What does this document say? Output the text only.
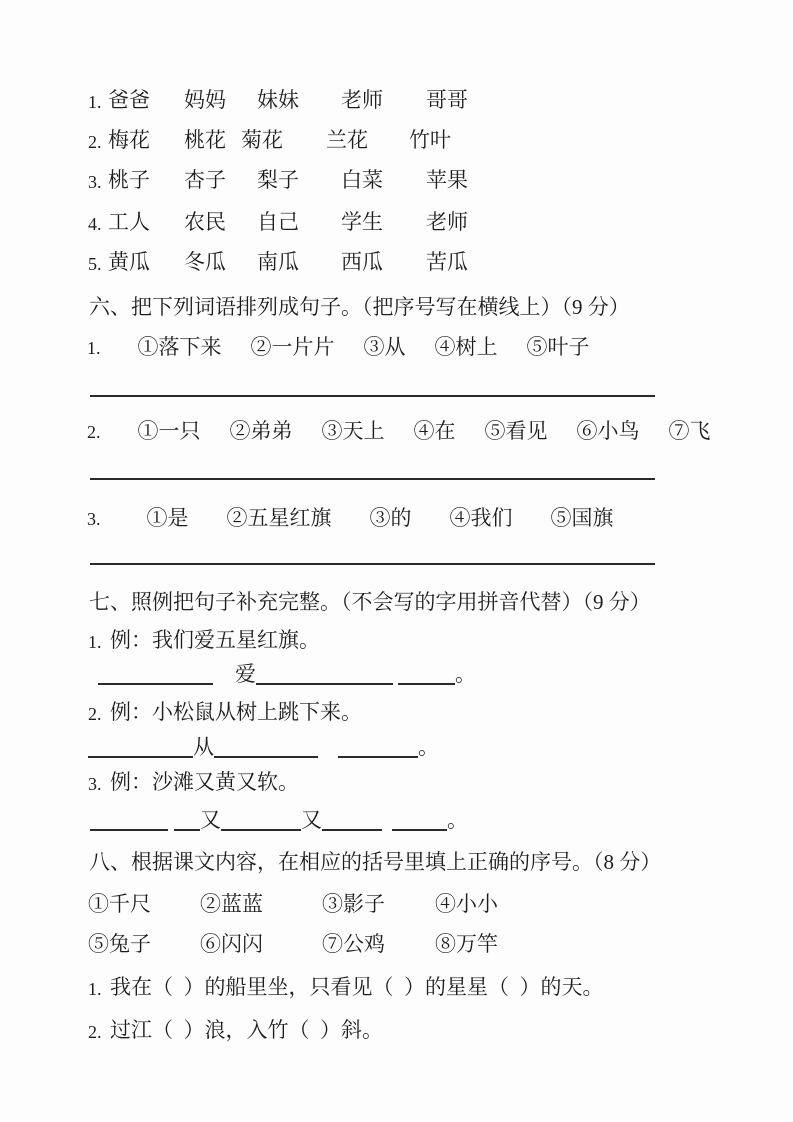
1. 爸爸 妈妈 妹妹 老师 哥哥
2. 梅花 桃花 菊花 兰花 竹叶
3. 桃子 杏子 梨子 白菜 苹果
4. 工人 农民 自己 学生 老师
5. 黄瓜 冬瓜 南瓜 西瓜 苦瓜
六、把下列词语排列成句子。（把序号写在横线上）（9 分）
1. ①落下来 ②一片片 ③从 ④树上 ⑤叶子
2. ①一只 ②弟弟 ③天上 ④在 ⑤看见 ⑥小鸟 ⑦飞
3. ①是 ②五星红旗 ③的 ④我们 ⑤国旗
七、照例把句子补充完整。（不会写的字用拼音代替）（9 分）
1. 例：我们爱五星红旗。
爱	。
2. 例：小松鼠从树上跳下来。
从	。
3. 例：沙滩又黄又软。
又	又	。
八、根据课文内容，在相应的括号里填上正确的序号。（8 分）
①千尺 ②蓝蓝	③影子 ④小小
⑤兔子 ⑥闪闪	⑦公鸡 ⑧万竿
1. 我在（  ）的船里坐，只看见（  ）的星星（  ）的天。
2. 过江（  ）浪，入竹（  ）斜。
